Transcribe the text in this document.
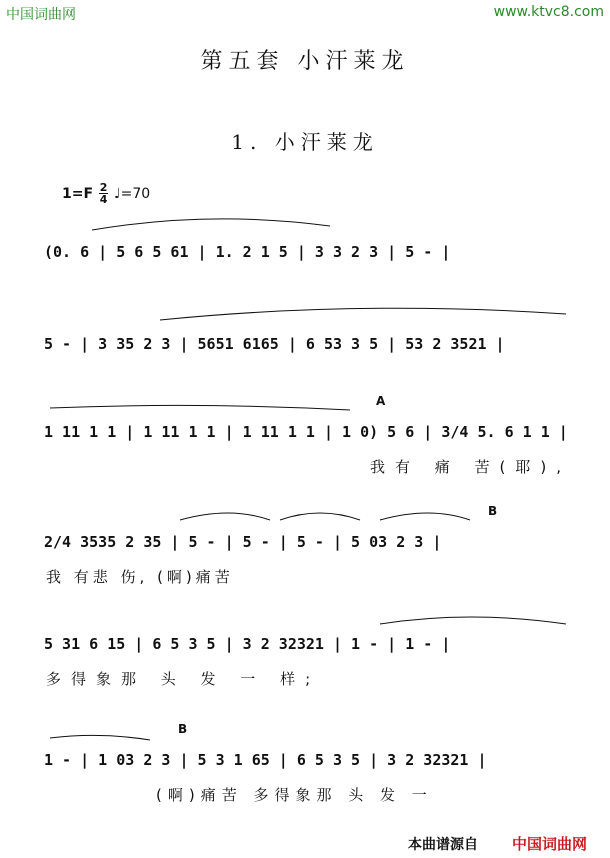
中国词曲网	www.ktvc8.com
第五套 小汗莱龙
1. 小汗莱龙
$1=F \frac{2}{4}$ ♩=70
(0. 6 | 5 6 5 61 | 1. 2 1 5 | 3 3 2 3 | 5 - |
5 - | 3 35 2 3 | 5651 6165 | 6 53 3 5 | 53 2 3521 |
A
1 11 1 1 | 1 11 1 1 | 1 11 1 1 | 1 0) 5 6 | 3/4 5. 6 1 1 |
我有 痛 苦(耶),
B
2/4 3535 2 35 | 5 - | 5 - | 5 - | 5 03 2 3 |
我 有悲 伤, (啊)痛苦
5 31 6 15 | 6 5 3 5 | 3 2 32321 | 1 - | 1 - |
多得象那 头 发 一 样;
B
1 - | 1 03 2 3 | 5 3 1 65 | 6 5 3 5 | 3 2 32321 |
(啊)痛苦 多得象那 头 发 一
本曲谱源自 中国词曲网
